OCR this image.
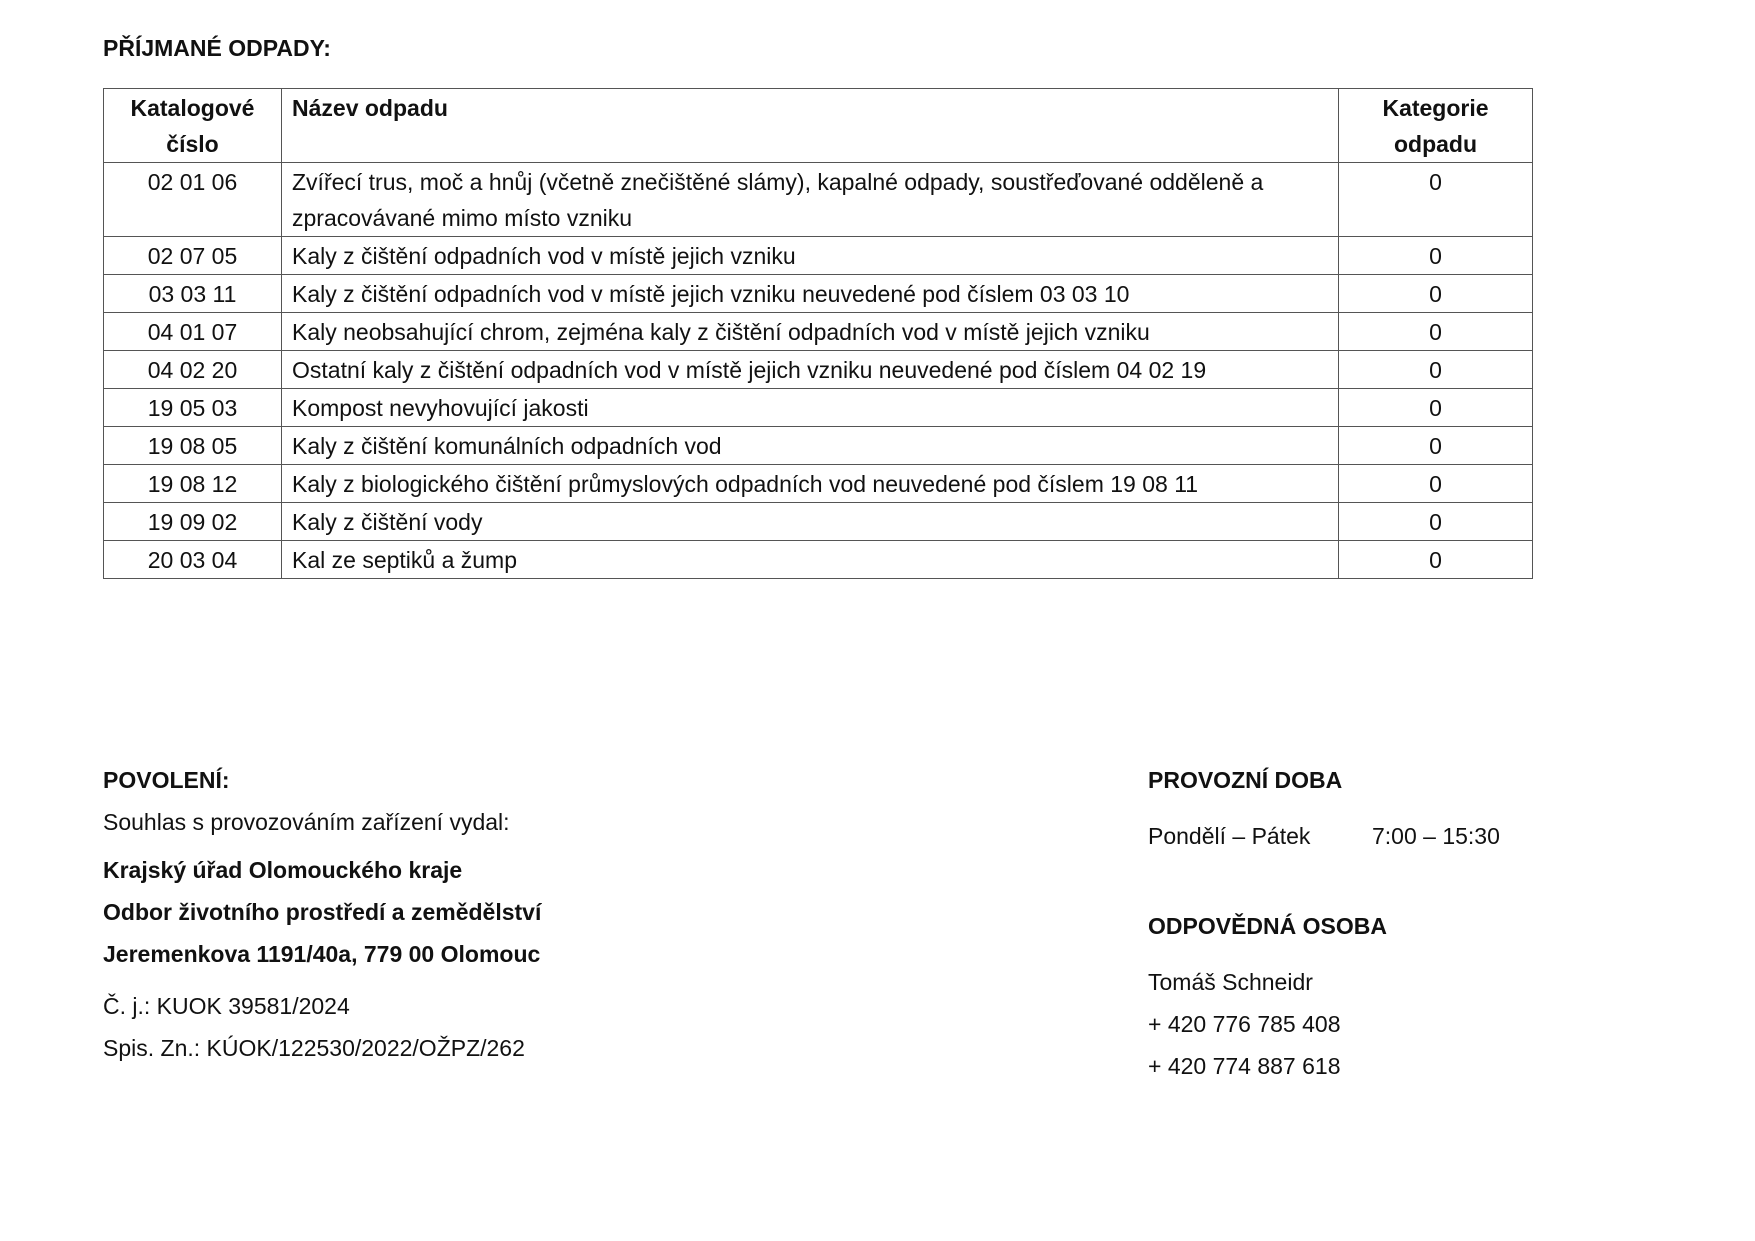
PŘÍJMANÉ ODPADY:
Katalogové číslo	Název odpadu	Kategorie odpadu
02 01 06	Zvířecí trus, moč a hnůj (včetně znečištěné slámy), kapalné odpady, soustřeďované odděleně a zpracovávané mimo místo vzniku	0
02 07 05	Kaly z čištění odpadních vod v místě jejich vzniku	0
03 03 11	Kaly z čištění odpadních vod v místě jejich vzniku neuvedené pod číslem 03 03 10	0
04 01 07	Kaly neobsahující chrom, zejména kaly z čištění odpadních vod v místě jejich vzniku	0
04 02 20	Ostatní kaly z čištění odpadních vod v místě jejich vzniku neuvedené pod číslem 04 02 19	0
19 05 03	Kompost nevyhovující jakosti	0
19 08 05	Kaly z čištění komunálních odpadních vod	0
19 08 12	Kaly z biologického čištění průmyslových odpadních vod neuvedené pod číslem 19 08 11	0
19 09 02	Kaly z čištění vody	0
20 03 04	Kal ze septiků a žump	0
POVOLENÍ:
Souhlas s provozováním zařízení vydal:
Krajský úřad Olomouckého kraje
Odbor životního prostředí a zemědělství
Jeremenkova 1191/40a, 779 00 Olomouc
Č. j.: KUOK 39581/2024
Spis. Zn.: KÚOK/122530/2022/OŽPZ/262
PROVOZNÍ DOBA
Pondělí – Pátek	7:00 – 15:30
ODPOVĚDNÁ OSOBA
Tomáš Schneidr
+ 420 776 785 408
+ 420 774 887 618
